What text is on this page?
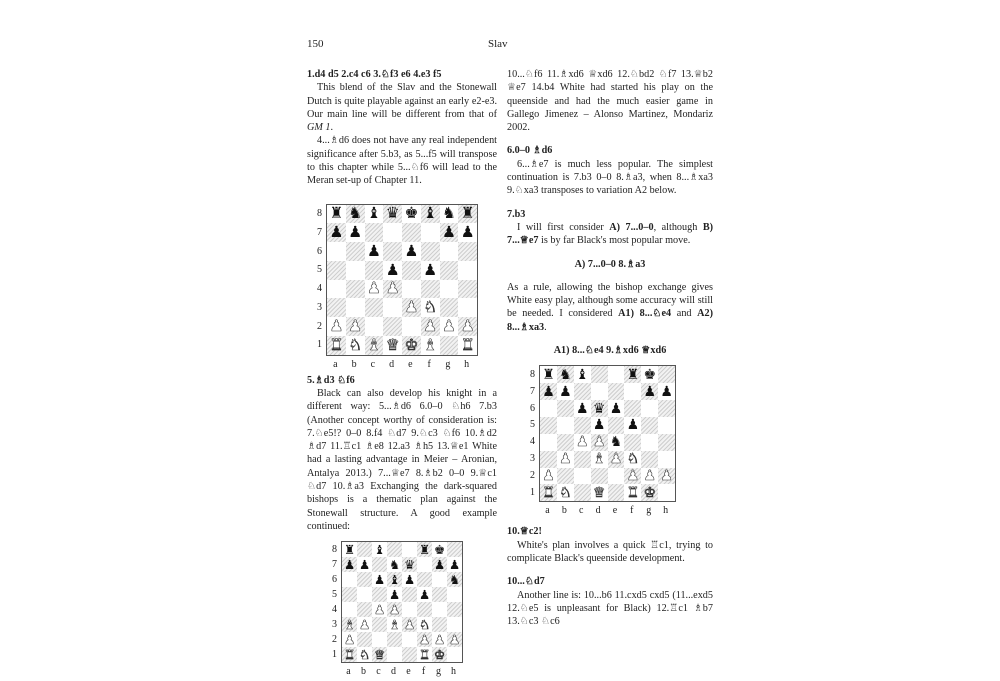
150	Slav

1.d4 d5 2.c4 c6 3.♘f3 e6 4.e3 f5

This blend of the Slav and the Stonewall Dutch is quite playable against an early e2-e3. Our main line will be different from that of GM 1.

4...♗d6 does not have any real independent significance after 5.b3, as 5...f5 will transpose to this chapter while 5...♘f6 will lead to the Meran set-up of Chapter 11.

♜ ♞ ♝ ♛ ♚ ♝ ♞ ♜
♟ ♟	♟ ♟
♟ ♟
♟ ♟
♟ ♟
♟ ♞
♟ ♟	♟ ♟ ♟
♜ ♞ ♝ ♛ ♚ ♝ ♜
8
7
6
5
4
3
2
1
a	b	c	d	e	f	g	h

5.♗d3 ♘f6

Black can also develop his knight in a different way: 5...♗d6 6.0–0 ♘h6 7.b3 (Another concept worthy of consideration is: 7.♘e5!? 0–0 8.f4 ♘d7 9.♘c3 ♘f6 10.♗d2 ♗d7 11.♖c1 ♗e8 12.a3 ♗h5 13.♕e1 White had a lasting advantage in Meier – Aronian, Antalya 2013.) 7...♕e7 8.♗b2 0–0 9.♕c1 ♘d7 10.♗a3 Exchanging the dark-squared bishops is a thematic plan against the Stonewall structure. A good example continued:

♜ ♝	♜ ♚
♟ ♟ ♞ ♛ ♟ ♟
♟ ♝ ♟	♞
♟ ♟
♟ ♟
♝ ♟ ♝ ♟ ♞
♟	♟ ♟ ♟
♜ ♞ ♛	♜ ♚
8
7
6
5
4
3
2
1
a	b	c	d	e	f	g	h

10...♘f6 11.♗xd6 ♕xd6 12.♘bd2 ♘f7 13.♕b2 ♕e7 14.b4 White had started his play on the queenside and had the much easier game in Gallego Jimenez – Alonso Martinez, Mondariz 2002.

6.0–0 ♗d6

6...♗e7 is much less popular. The simplest continuation is 7.b3 0–0 8.♗a3, when 8...♗xa3 9.♘xa3 transposes to variation A2 below.

7.b3

I will first consider A) 7...0–0, although B) 7...♕e7 is by far Black's most popular move.

A) 7...0–0 8.♗a3

As a rule, allowing the bishop exchange gives White easy play, although some accuracy will still be needed. I considered A1) 8...♘e4 and A2) 8...♗xa3.

A1) 8...♘e4 9.♗xd6 ♕xd6

♜ ♞ ♝	♜ ♚
♟ ♟	♟ ♟
♟ ♛ ♟
♟ ♟
♟ ♟ ♞
♟ ♝ ♟ ♞
♟	♟ ♟ ♟
♜ ♞ ♛ ♜ ♚
8
7
6
5
4
3
2
1
a	b	c	d	e	f	g	h

10.♕c2!

White's plan involves a quick ♖c1, trying to complicate Black's queenside development.

10...♘d7

Another line is: 10...b6 11.cxd5 cxd5 (11...exd5 12.♘e5 is unpleasant for Black) 12.♖c1 ♗b7 13.♘c3 ♘c6
